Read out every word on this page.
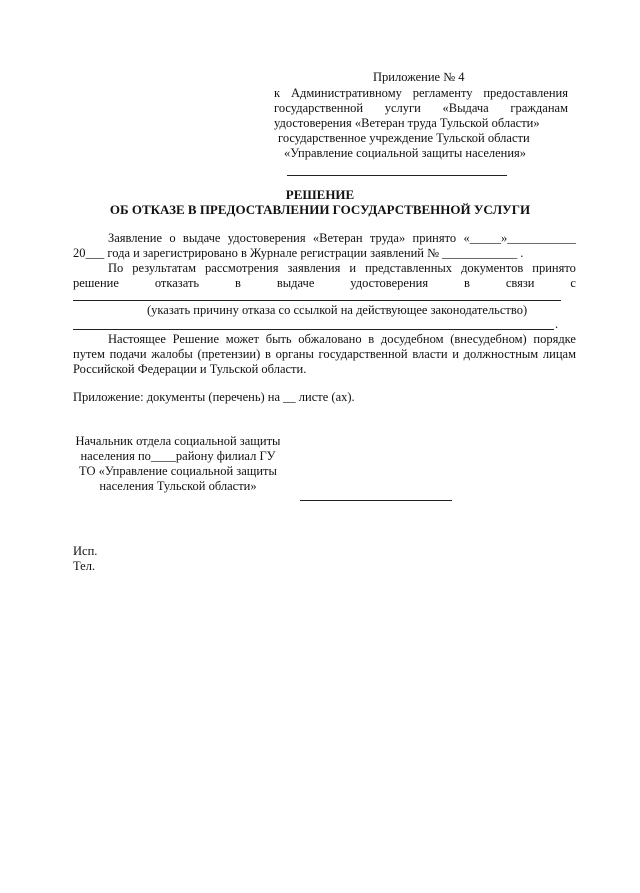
Приложение № 4
к Административному регламенту предоставления
государственной услуги «Выдача гражданам
удостоверения «Ветеран труда Тульской области»
государственное учреждение Тульской области
«Управление социальной защиты населения»
РЕШЕНИЕ
ОБ ОТКАЗЕ В ПРЕДОСТАВЛЕНИИ ГОСУДАРСТВЕННОЙ УСЛУГИ
Заявление о выдаче удостоверения «Ветеран труда» принято «_____»___________
20___ года и зарегистрировано в Журнале регистрации заявлений № ____________ .
По результатам рассмотрения заявления и представленных документов принято
решение	отказать	в	выдаче	удостоверения	в	связи	с
(указать причину отказа со ссылкой на действующее законодательство)
.
Настоящее Решение может быть обжаловано в досудебном (внесудебном) порядке
путем подачи жалобы (претензии) в органы государственной власти и должностным лицам
Российской Федерации и Тульской области.
Приложение: документы (перечень) на __ листе (ах).
Начальник отдела социальной защиты
населения по____району филиал ГУ
ТО «Управление социальной защиты
населения Тульской области»
Исп.
Тел.
